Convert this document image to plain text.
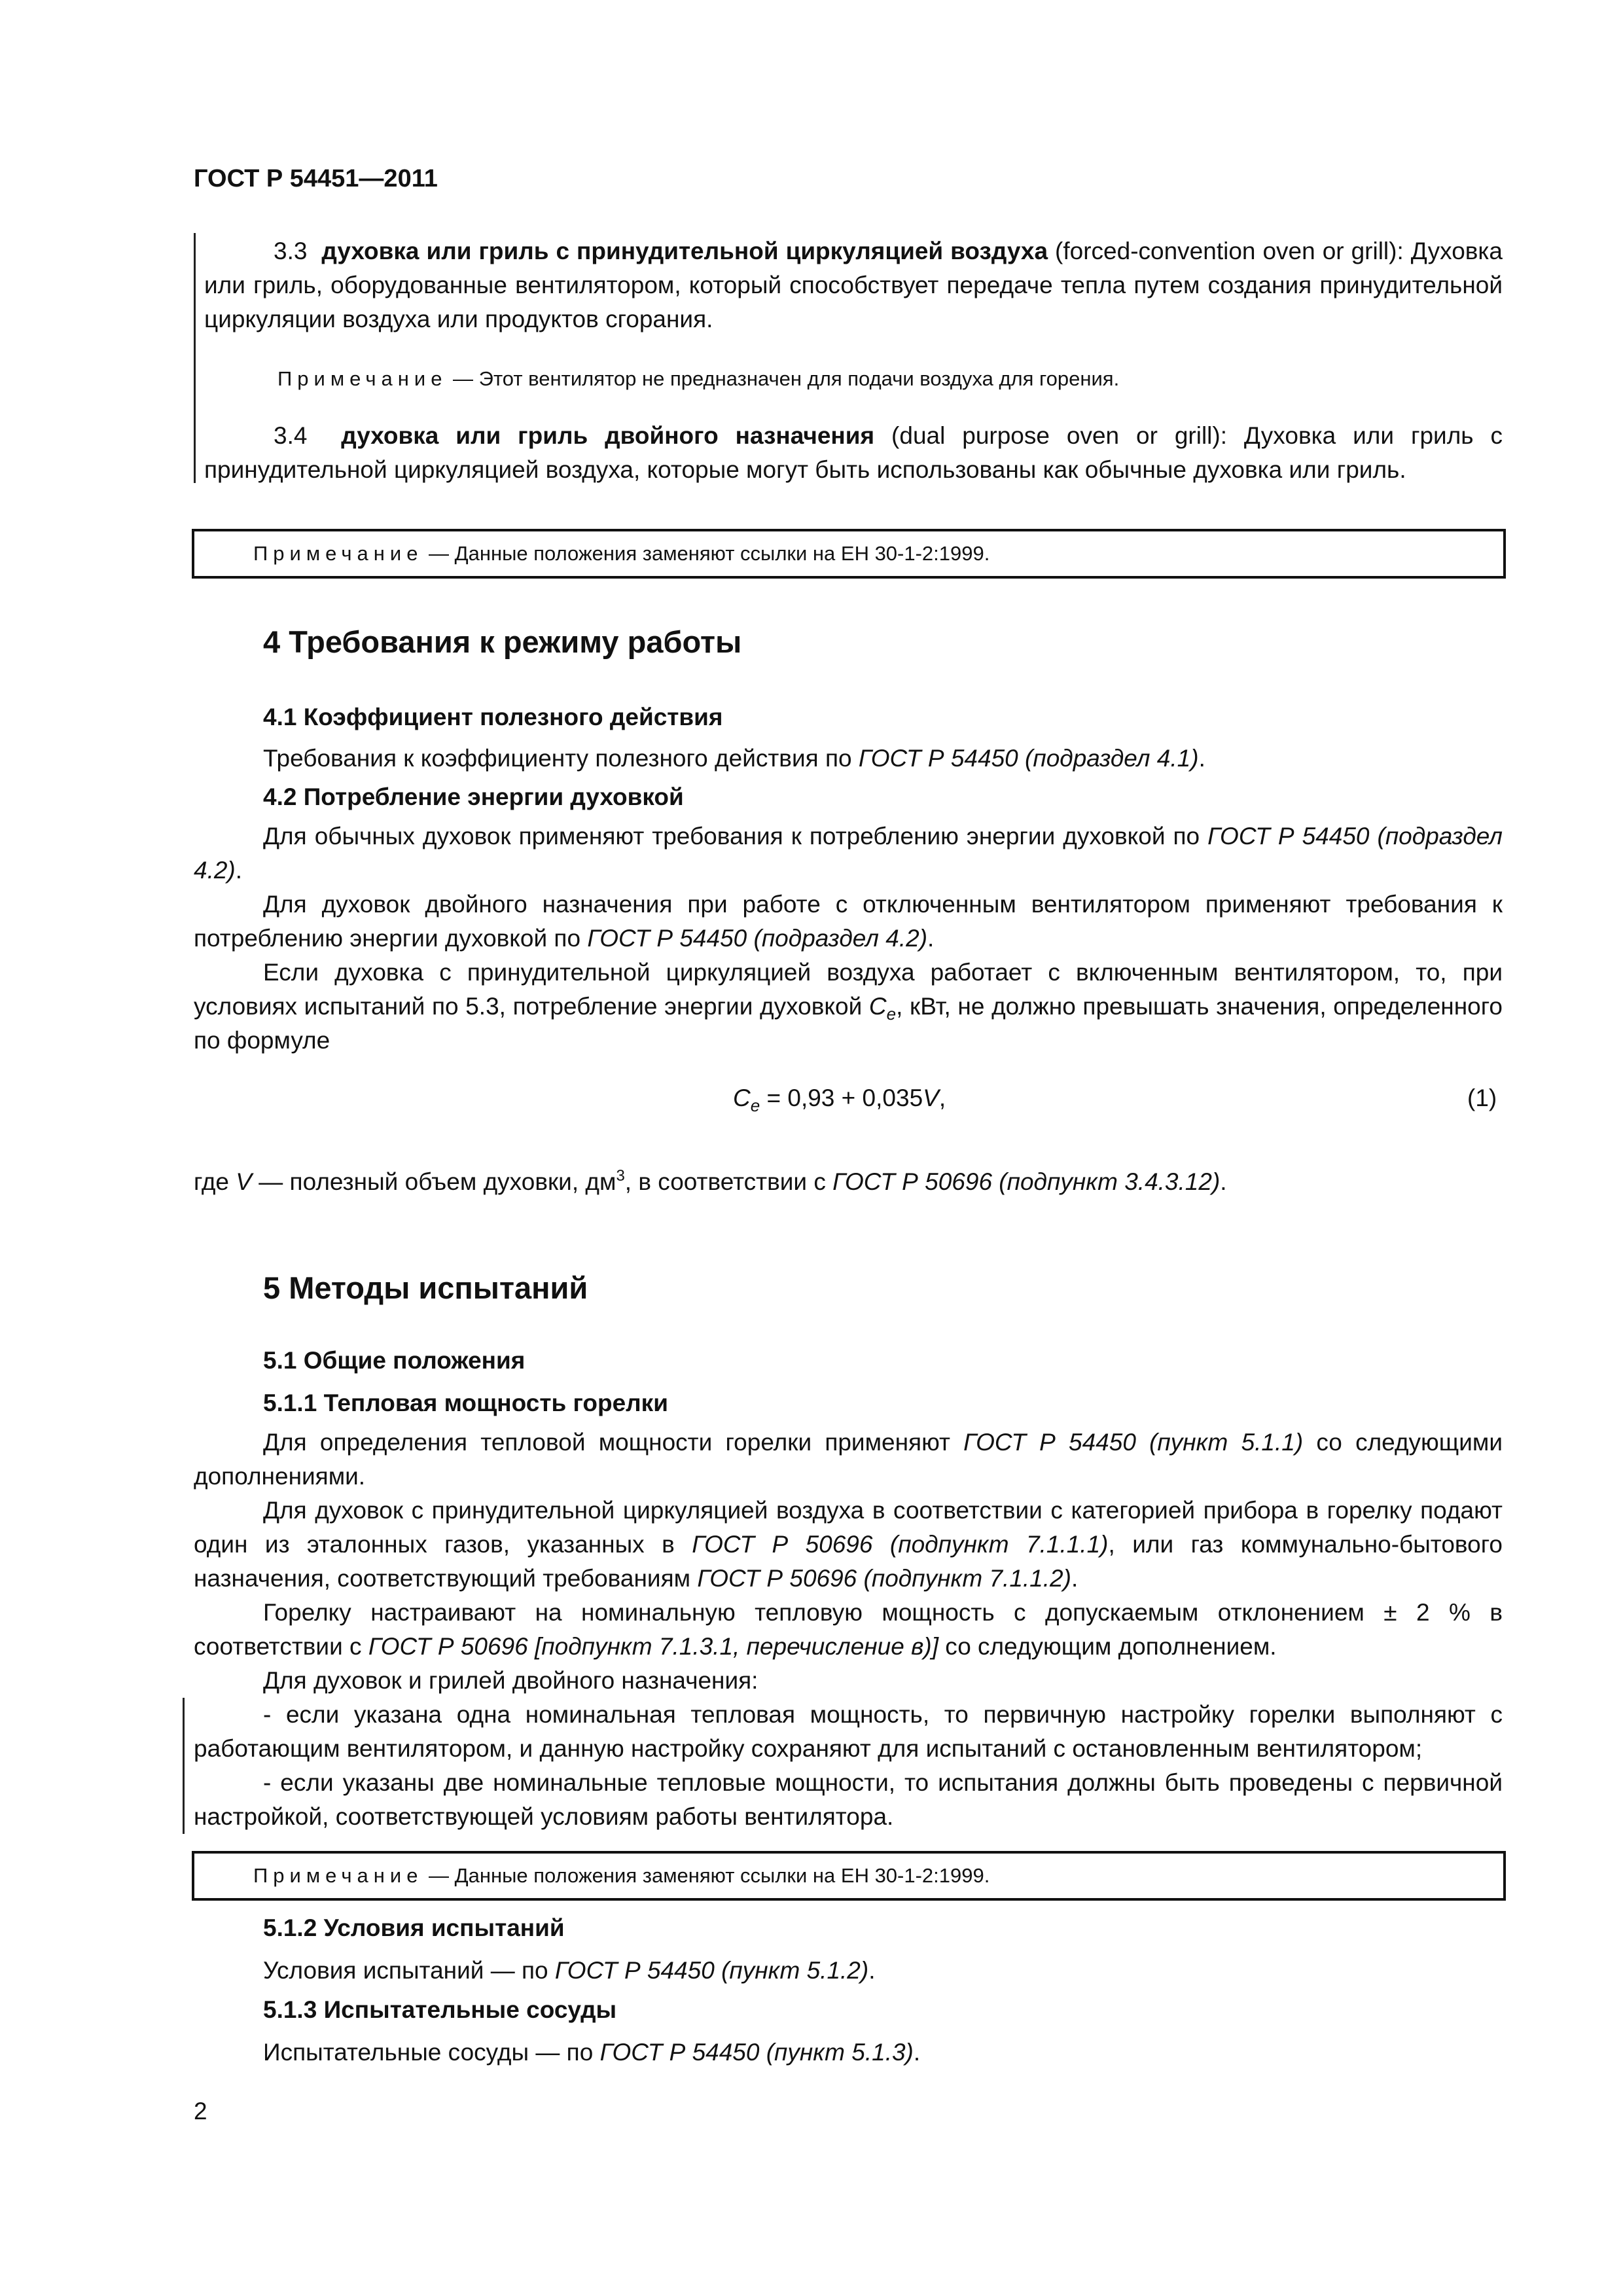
ГОСТ Р 54451—2011

3.3 духовка или гриль с принудительной циркуляцией воздуха (forced-convention oven or grill): Духовка или гриль, оборудованные вентилятором, который способствует передаче тепла путем создания принудительной циркуляции воздуха или продуктов сгорания.

Примечание — Этот вентилятор не предназначен для подачи воздуха для горения.

3.4 духовка или гриль двойного назначения (dual purpose oven or grill): Духовка или гриль с принудительной циркуляцией воздуха, которые могут быть использованы как обычные духовка или гриль.

Примечание — Данные положения заменяют ссылки на ЕН 30-1-2:1999.
4 Требования к режиму работы
4.1 Коэффициент полезного действия

Требования к коэффициенту полезного действия по ГОСТ Р 54450 (подраздел 4.1).

4.2 Потребление энергии духовкой

Для обычных духовок применяют требования к потреблению энергии духовкой по ГОСТ Р 54450 (подраздел 4.2).

Для духовок двойного назначения при работе с отключенным вентилятором применяют требования к потреблению энергии духовкой по ГОСТ Р 54450 (подраздел 4.2).

Если духовка с принудительной циркуляцией воздуха работает с включенным вентилятором, то, при условиях испытаний по 5.3, потребление энергии духовкой $C_e$, кВт, не должно превышать значения, определенного по формуле

$C_e = 0,93 + 0,035V$,	(1)

где V — полезный объем духовки, $дм^3$, в соответствии с ГОСТ Р 50696 (подпункт 3.4.3.12).

5 Методы испытаний
5.1 Общие положения
5.1.1 Тепловая мощность горелки

Для определения тепловой мощности горелки применяют ГОСТ Р 54450 (пункт 5.1.1) со следующими дополнениями.

Для духовок с принудительной циркуляцией воздуха в соответствии с категорией прибора в горелку подают один из эталонных газов, указанных в ГОСТ Р 50696 (подпункт 7.1.1.1), или газ коммунально-бытового назначения, соответствующий требованиям ГОСТ Р 50696 (подпункт 7.1.1.2).

Горелку настраивают на номинальную тепловую мощность с допускаемым отклонением ± 2 % в соответствии с ГОСТ Р 50696 [подпункт 7.1.3.1, перечисление в)] со следующим дополнением.

Для духовок и грилей двойного назначения:

- если указана одна номинальная тепловая мощность, то первичную настройку горелки выполняют с работающим вентилятором, и данную настройку сохраняют для испытаний с остановленным вентилятором;

- если указаны две номинальные тепловые мощности, то испытания должны быть проведены с первичной настройкой, соответствующей условиям работы вентилятора.

Примечание — Данные положения заменяют ссылки на ЕН 30-1-2:1999.
5.1.2 Условия испытаний

Условия испытаний — по ГОСТ Р 54450 (пункт 5.1.2).

5.1.3 Испытательные сосуды

Испытательные сосуды — по ГОСТ Р 54450 (пункт 5.1.3).

2
